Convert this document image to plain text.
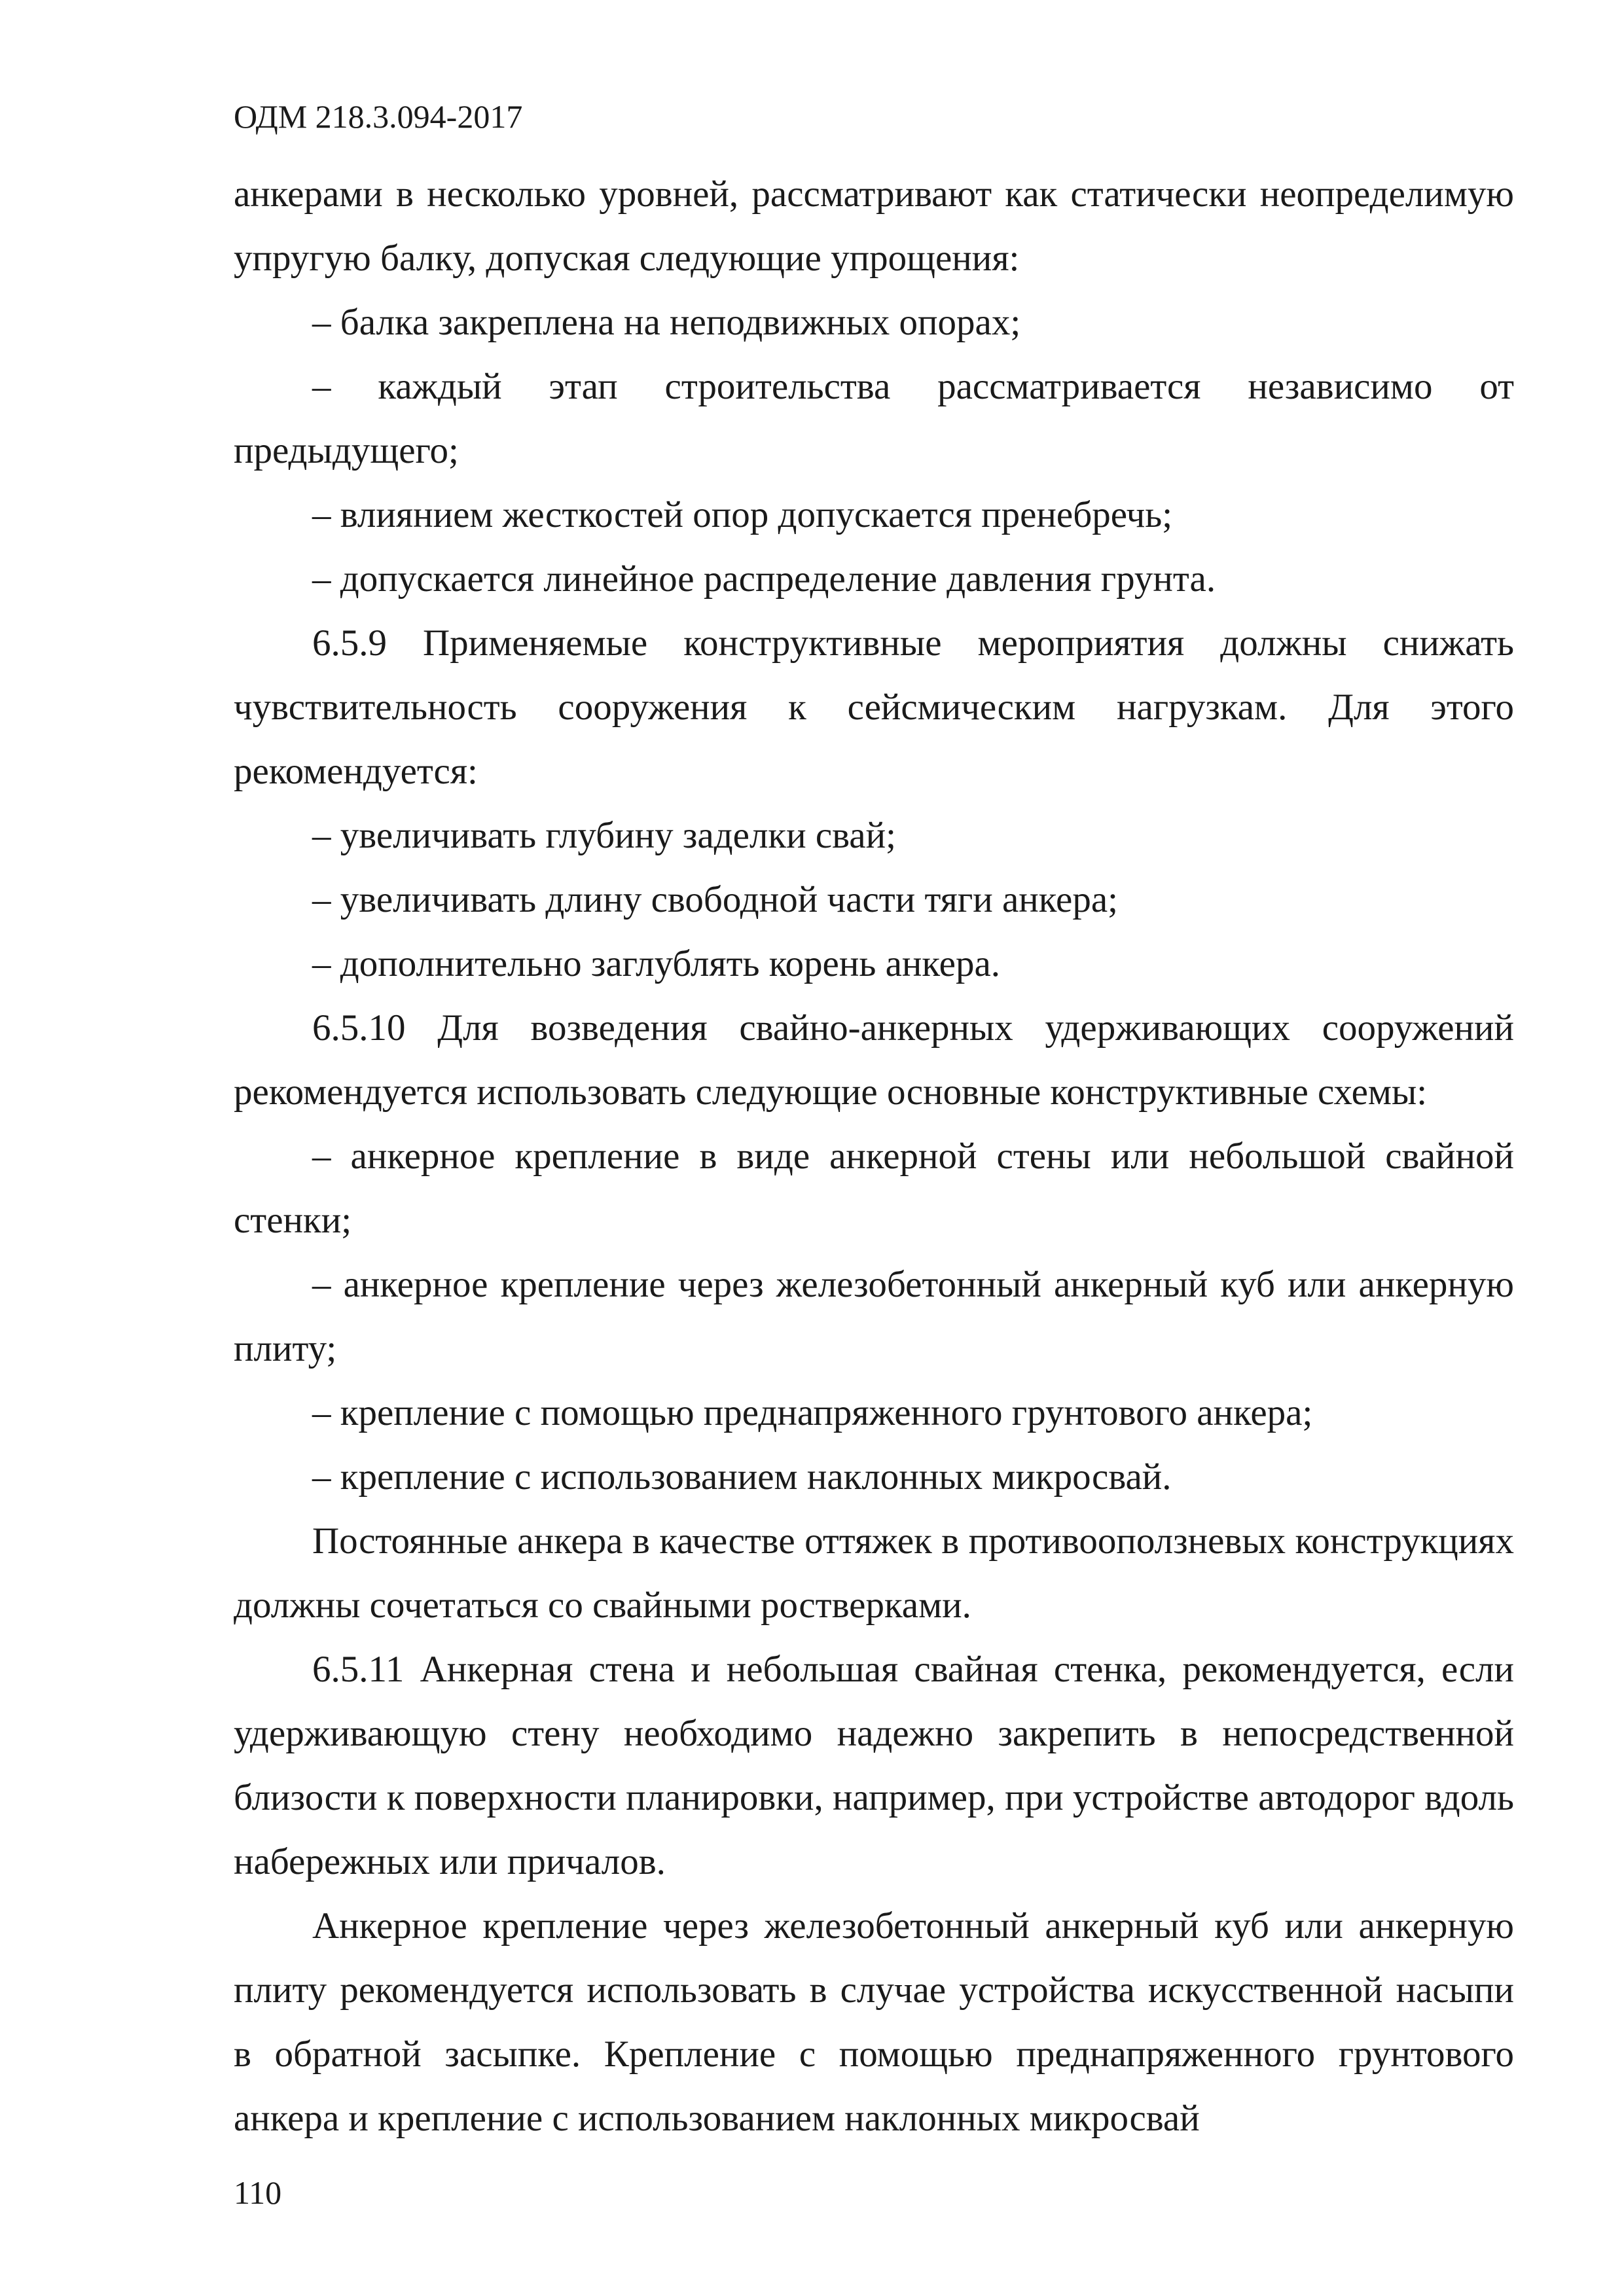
ОДМ 218.3.094-2017

анкерами в несколько уровней, рассматривают как статически неопределимую упругую балку, допуская следующие упрощения:

– балка закреплена на неподвижных опорах;

– каждый этап строительства рассматривается независимо от предыдущего;

– влиянием жесткостей опор допускается пренебречь;

– допускается линейное распределение давления грунта.

6.5.9 Применяемые конструктивные мероприятия должны снижать чувствительность сооружения к сейсмическим нагрузкам. Для этого рекомендуется:

– увеличивать глубину заделки свай;

– увеличивать длину свободной части тяги анкера;

– дополнительно заглублять корень анкера.

6.5.10 Для возведения свайно-анкерных удерживающих сооружений рекомендуется использовать следующие основные конструктивные схемы:

– анкерное крепление в виде анкерной стены или небольшой свайной стенки;

– анкерное крепление через железобетонный анкерный куб или анкерную плиту;

– крепление с помощью преднапряженного грунтового анкера;

– крепление с использованием наклонных микросвай.

Постоянные анкера в качестве оттяжек в противооползневых конструкциях должны сочетаться со свайными ростверками.

6.5.11 Анкерная стена и небольшая свайная стенка, рекомендуется, если удерживающую стену необходимо надежно закрепить в непосредственной близости к поверхности планировки, например, при устройстве автодорог вдоль набережных или причалов.

Анкерное крепление через железобетонный анкерный куб или анкерную плиту рекомендуется использовать в случае устройства искусственной насыпи в обратной засыпке. Крепление с помощью преднапряженного грунтового анкера и крепление с использованием наклонных микросвай

110
